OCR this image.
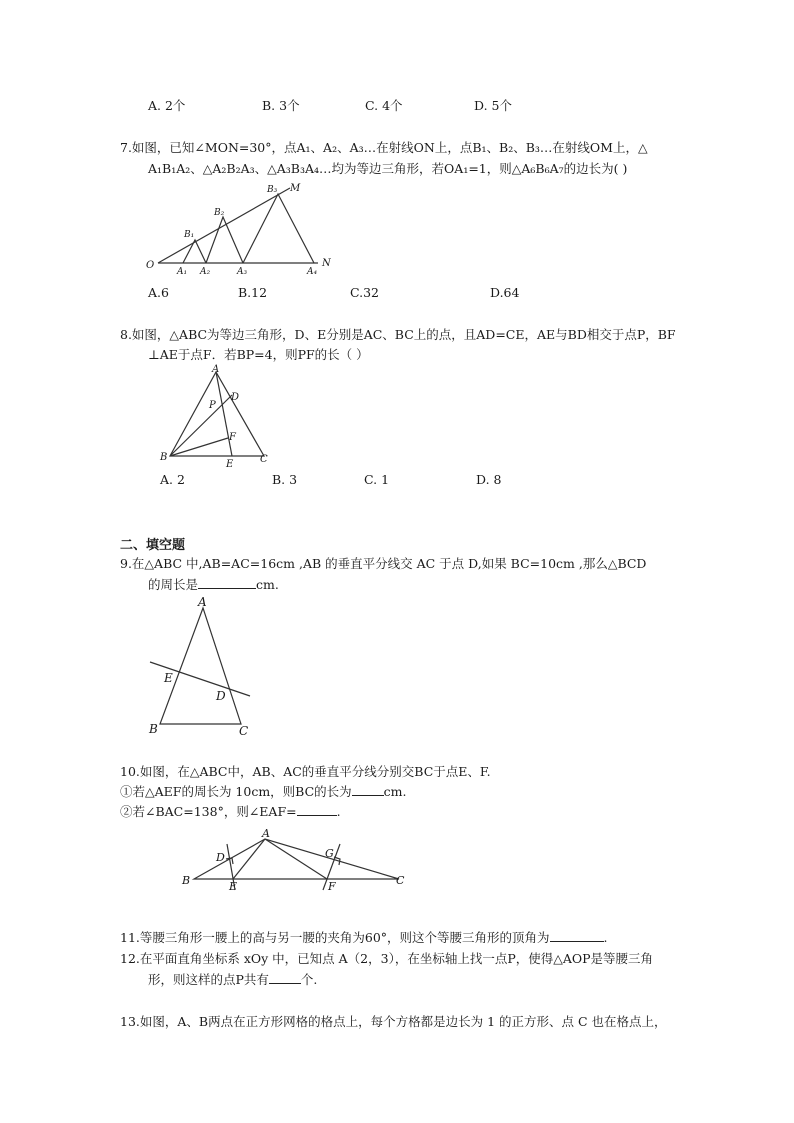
A. 2个	B. 3个	C. 4个	D. 5个
7.如图，已知∠MON=30°，点A₁、A₂、A₃…在射线ON上，点B₁、B₂、B₃…在射线OM上，△
A₁B₁A₂、△A₂B₂A₃、△A₃B₃A₄…均为等边三角形，若OA₁=1，则△A₆B₆A₇的边长为( )
O
A₁ A₂	A₃	A₄
N
B₁
B₂
B₃ M
A.6	B.12	C.32	D.64
8.如图，△ABC为等边三角形，D、E分别是AC、BC上的点，且AD=CE，AE与BD相交于点P，BF
⊥AE于点F．若BP=4，则PF的长（ ）
A
P
D
F
B
E	C
A. 2	B. 3	C. 1	D. 8
二、填空题
9.在△ABC 中,AB=AC=16cm ,AB 的垂直平分线交 AC 于点 D,如果 BC=10cm ,那么△BCD
的周长是	cm.
A
E
D
B	C
10.如图，在△ABC中，AB、AC的垂直平分线分别交BC于点E、F.
①若△AEF的周长为 10cm，则BC的长为	cm.
②若∠BAC=138°，则∠EAF=	.
A
D	G
B	E	F	C
11.等腰三角形一腰上的高与另一腰的夹角为60°，则这个等腰三角形的顶角为	.
12.在平面直角坐标系 xOy 中，已知点 A（2，3），在坐标轴上找一点P，使得△AOP是等腰三角
形，则这样的点P共有	个.
13.如图，A、B两点在正方形网格的格点上，每个方格都是边长为 1 的正方形、点 C 也在格点上，
